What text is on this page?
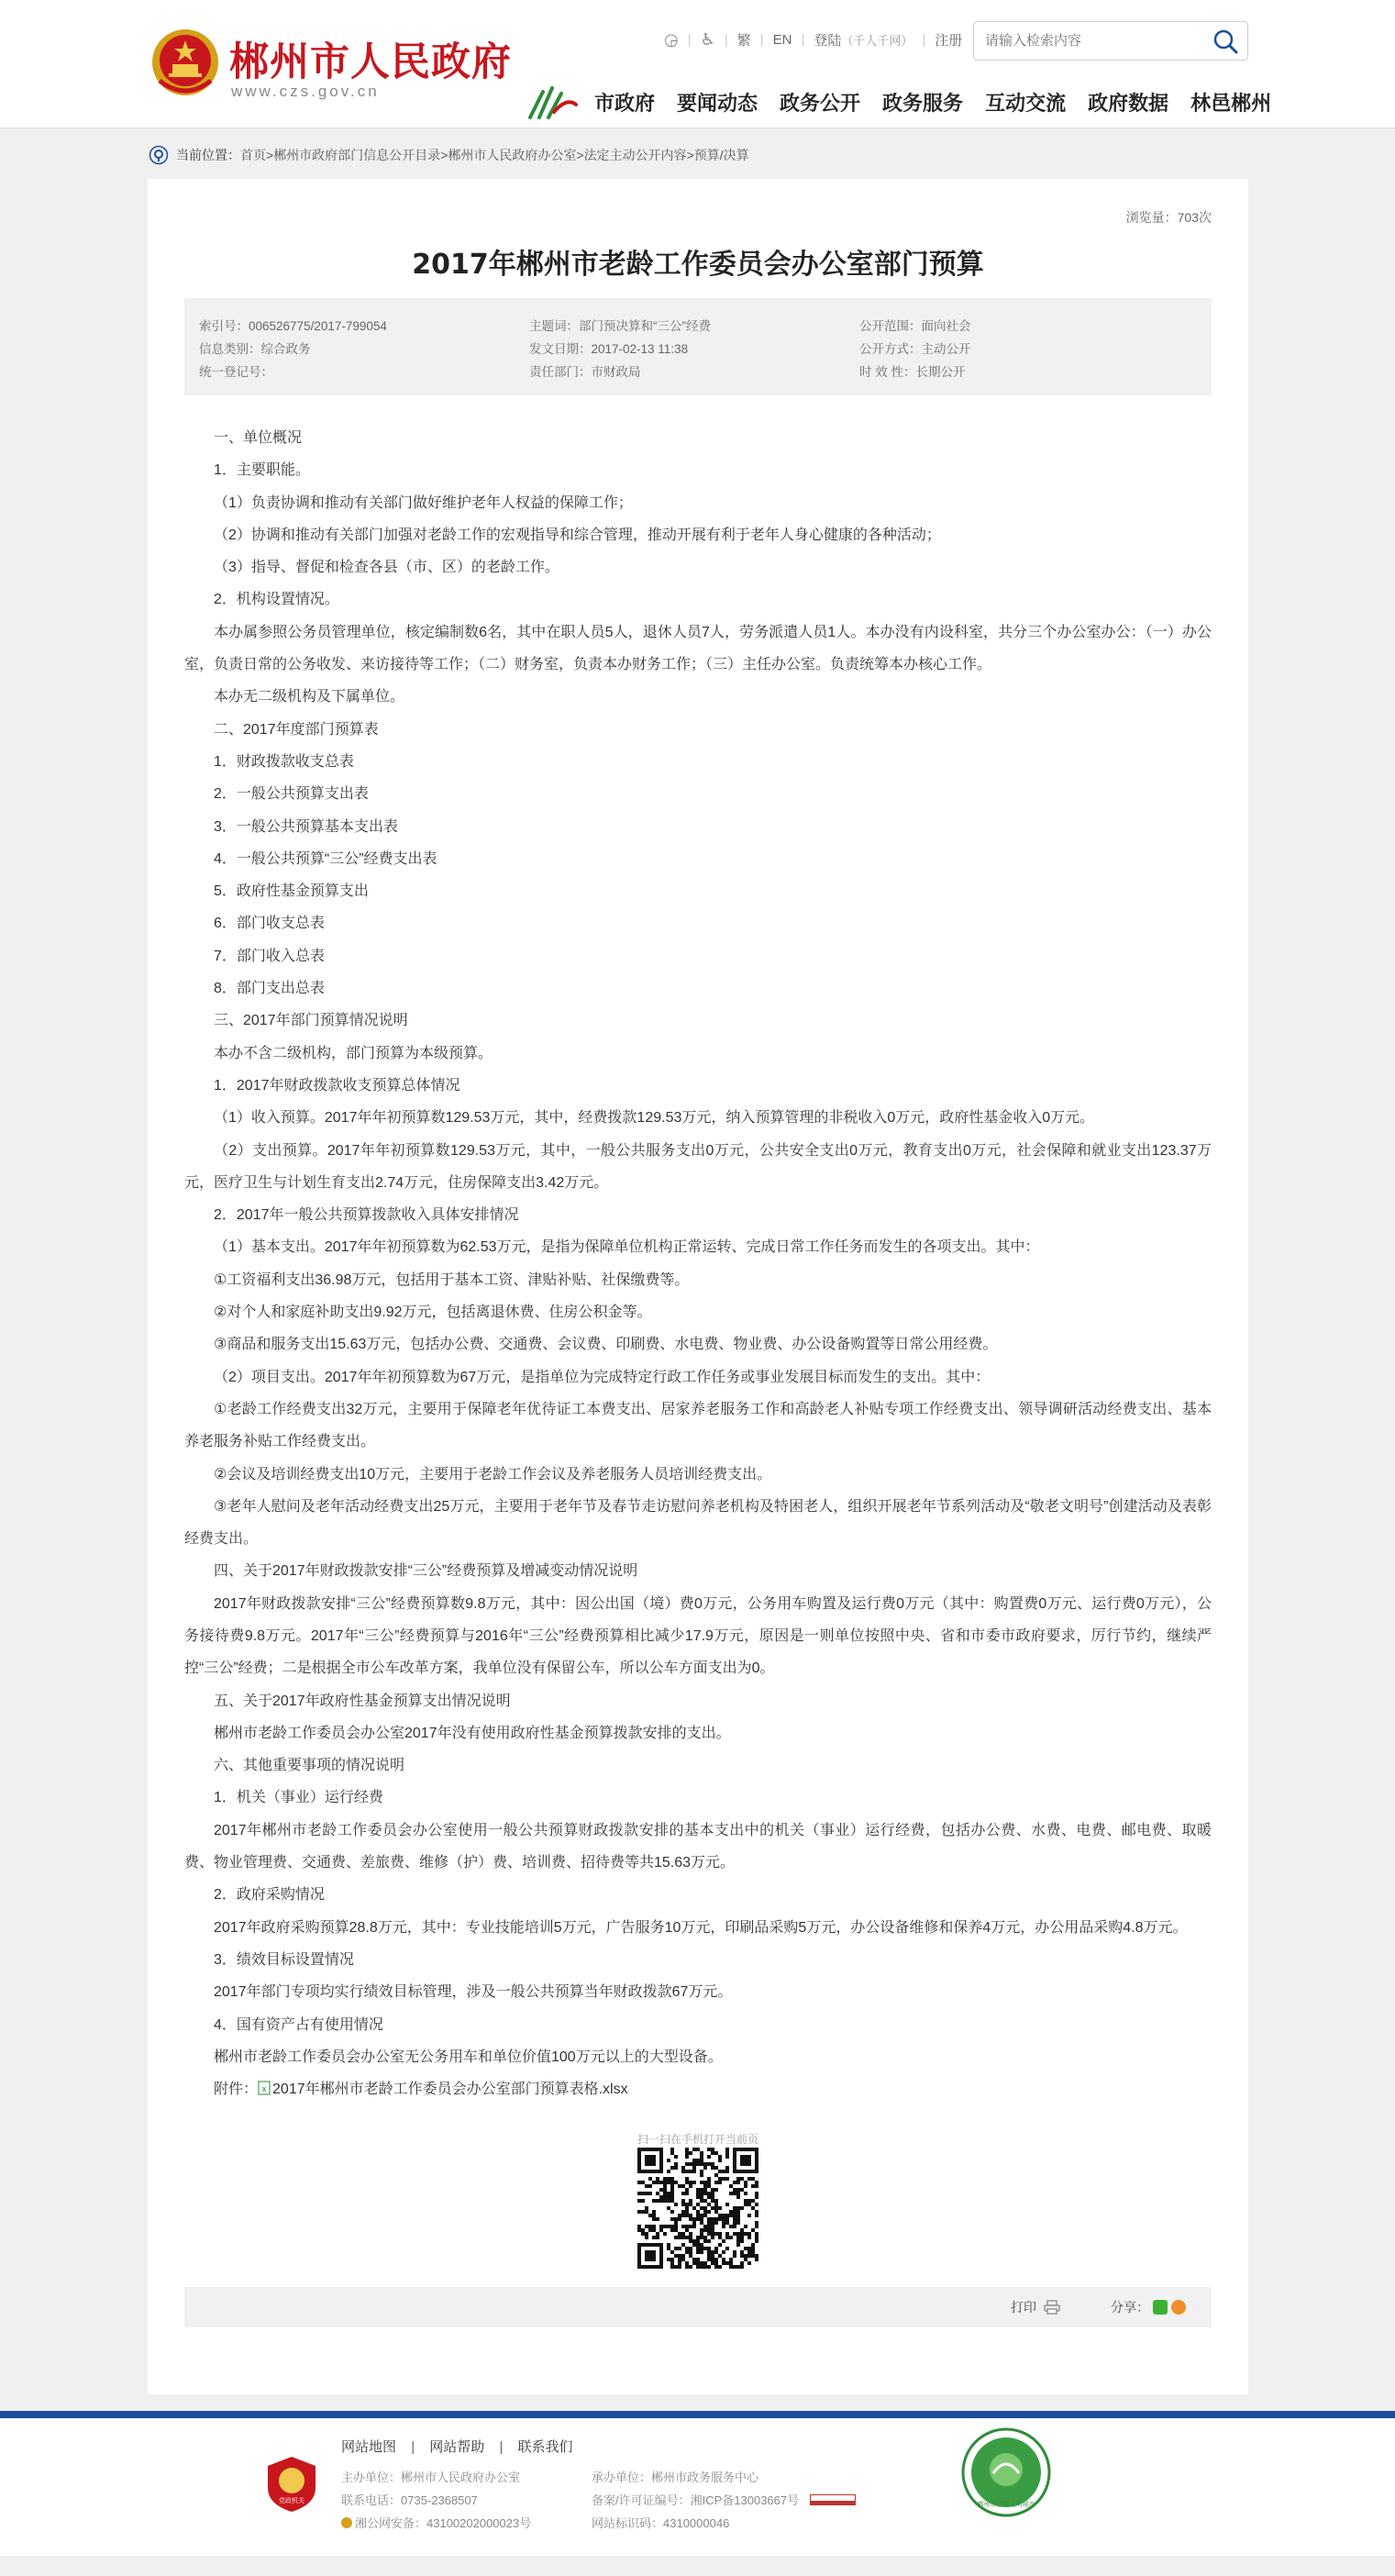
郴州市人民政府
www.czs.gov.cn
◶ | ♿ | 繁 | EN | 登陆 （千人千网） | 注册
请输入检索内容
市政府 要闻动态 政务公开 政务服务 互动交流 政府数据 林邑郴州
当前位置： 首页 > 郴州市政府部门信息公开目录 > 郴州市人民政府办公室 > 法定主动公开内容 > 预算/决算
浏览量：703次
2017年郴州市老龄工作委员会办公室部门预算
索引号：006526775/2017-799054	主题词：部门预决算和“三公”经费	公开范围：面向社会
信息类别：综合政务	发文日期：2017-02-13 11:38	公开方式：主动公开
统一登记号：	责任部门：市财政局	时 效 性：长期公开

一、单位概况

1．主要职能。

（1）负责协调和推动有关部门做好维护老年人权益的保障工作；

（2）协调和推动有关部门加强对老龄工作的宏观指导和综合管理，推动开展有利于老年人身心健康的各种活动；

（3）指导、督促和检查各县（市、区）的老龄工作。

2．机构设置情况。

本办属参照公务员管理单位，核定编制数6名，其中在职人员5人，退休人员7人，劳务派遣人员1人。本办没有内设科室，共分三个办公室办公：（一）办公室，负责日常的公务收发、来访接待等工作；（二）财务室，负责本办财务工作；（三）主任办公室。负责统筹本办核心工作。

本办无二级机构及下属单位。

二、2017年度部门预算表

1．财政拨款收支总表

2．一般公共预算支出表

3．一般公共预算基本支出表

4．一般公共预算“三公”经费支出表

5．政府性基金预算支出

6．部门收支总表

7．部门收入总表

8．部门支出总表

三、2017年部门预算情况说明

本办不含二级机构，部门预算为本级预算。

1．2017年财政拨款收支预算总体情况

（1）收入预算。2017年年初预算数129.53万元，其中，经费拨款129.53万元，纳入预算管理的非税收入0万元，政府性基金收入0万元。

（2）支出预算。2017年年初预算数129.53万元，其中，一般公共服务支出0万元，公共安全支出0万元，教育支出0万元，社会保障和就业支出123.37万元，医疗卫生与计划生育支出2.74万元，住房保障支出3.42万元。

2．2017年一般公共预算拨款收入具体安排情况

（1）基本支出。2017年年初预算数为62.53万元，是指为保障单位机构正常运转、完成日常工作任务而发生的各项支出。其中：

①工资福利支出36.98万元，包括用于基本工资、津贴补贴、社保缴费等。

②对个人和家庭补助支出9.92万元，包括离退休费、住房公积金等。

③商品和服务支出15.63万元，包括办公费、交通费、会议费、印刷费、水电费、物业费、办公设备购置等日常公用经费。

（2）项目支出。2017年年初预算数为67万元，是指单位为完成特定行政工作任务或事业发展目标而发生的支出。其中：

①老龄工作经费支出32万元，主要用于保障老年优待证工本费支出、居家养老服务工作和高龄老人补贴专项工作经费支出、领导调研活动经费支出、基本养老服务补贴工作经费支出。

②会议及培训经费支出10万元，主要用于老龄工作会议及养老服务人员培训经费支出。

③老年人慰问及老年活动经费支出25万元，主要用于老年节及春节走访慰问养老机构及特困老人，组织开展老年节系列活动及“敬老文明号”创建活动及表彰经费支出。

四、关于2017年财政拨款安排“三公”经费预算及增减变动情况说明

2017年财政拨款安排“三公”经费预算数9.8万元，其中：因公出国（境）费0万元，公务用车购置及运行费0万元（其中：购置费0万元、运行费0万元），公务接待费9.8万元。2017年“三公”经费预算与2016年“三公”经费预算相比减少17.9万元，原因是一则单位按照中央、省和市委市政府要求，厉行节约，继续严控“三公”经费；二是根据全市公车改革方案，我单位没有保留公车，所以公车方面支出为0。

五、关于2017年政府性基金预算支出情况说明

郴州市老龄工作委员会办公室2017年没有使用政府性基金预算拨款安排的支出。

六、其他重要事项的情况说明

1．机关（事业）运行经费

2017年郴州市老龄工作委员会办公室使用一般公共预算财政拨款安排的基本支出中的机关（事业）运行经费，包括办公费、水费、电费、邮电费、取暖费、物业管理费、交通费、差旅费、维修（护）费、培训费、招待费等共15.63万元。

2．政府采购情况

2017年政府采购预算28.8万元，其中：专业技能培训5万元，广告服务10万元，印刷品采购5万元，办公设备维修和保养4万元，办公用品采购4.8万元。

3．绩效目标设置情况

2017年部门专项均实行绩效目标管理，涉及一般公共预算当年财政拨款67万元。

4．国有资产占有使用情况

郴州市老龄工作委员会办公室无公务用车和单位价值100万元以上的大型设备。

附件： x 2017年郴州市老龄工作委员会办公室部门预算表格.xlsx

扫一扫在手机打开当前页
打印	分享：
党政机关
网站地图 | 网站帮助 | 联系我们
主办单位：郴州市人民政府办公室
联系电话：0735-2368507
湘公网安备：43100202000023号
承办单位：郴州市政务服务中心
备案/许可证编号：湘ICP备13003667号
网站标识码：4310000046
郴州市创建文明城市
